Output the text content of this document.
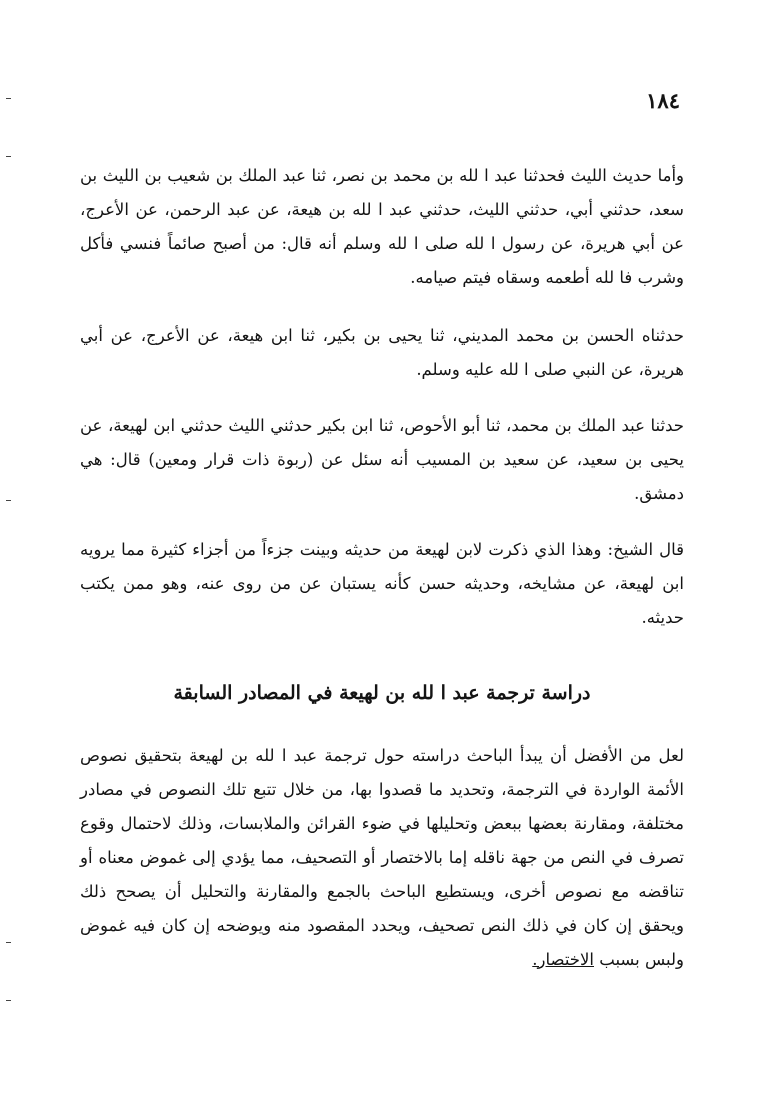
١٨٤

وأما حديث الليث فحدثنا عبد ا لله بن محمد بن نصر، ثنا عبد الملك بن شعيب بن الليث بن سعد، حدثني أبي، حدثني الليث، حدثني عبد ا لله بن هيعة، عن عبد الرحمن، عن الأعرج، عن أبي هريرة، عن رسول ا لله صلى ا لله وسلم أنه قال: من أصبح صائماً فنسي فأكل وشرب فا لله أطعمه وسقاه فيتم صيامه.

حدثناه الحسن بن محمد المديني، ثنا يحيى بن بكير، ثنا ابن هيعة، عن الأعرج، عن أبي هريرة، عن النبي صلى ا لله عليه وسلم.

حدثنا عبد الملك بن محمد، ثنا أبو الأحوص، ثنا ابن بكير حدثني الليث حدثني ابن لهيعة، عن يحيى بن سعيد، عن سعيد بن المسيب أنه سئل عن (ربوة ذات قرار ومعين) قال: هي دمشق.

قال الشيخ: وهذا الذي ذكرت لابن لهيعة من حديثه وبينت جزءاً من أجزاء كثيرة مما يرويه ابن لهيعة، عن مشايخه، وحديثه حسن كأنه يستبان عن من روى عنه، وهو ممن يكتب حديثه.

دراسة ترجمة عبد ا لله بن لهيعة في المصادر السابقة

لعل من الأفضل أن يبدأ الباحث دراسته حول ترجمة عبد ا لله بن لهيعة بتحقيق نصوص الأئمة الواردة في الترجمة، وتحديد ما قصدوا بها، من خلال تتبع تلك النصوص في مصادر مختلفة، ومقارنة بعضها ببعض وتحليلها في ضوء القرائن والملابسات، وذلك لاحتمال وقوع تصرف في النص من جهة ناقله إما بالاختصار أو التصحيف، مما يؤدي إلى غموض معناه أو تناقضه مع نصوص أخرى، ويستطيع الباحث بالجمع والمقارنة والتحليل أن يصحح ذلك ويحقق إن كان في ذلك النص تصحيف، ويحدد المقصود منه ويوضحه إن كان فيه غموض ولبس بسبب الاختصار.
